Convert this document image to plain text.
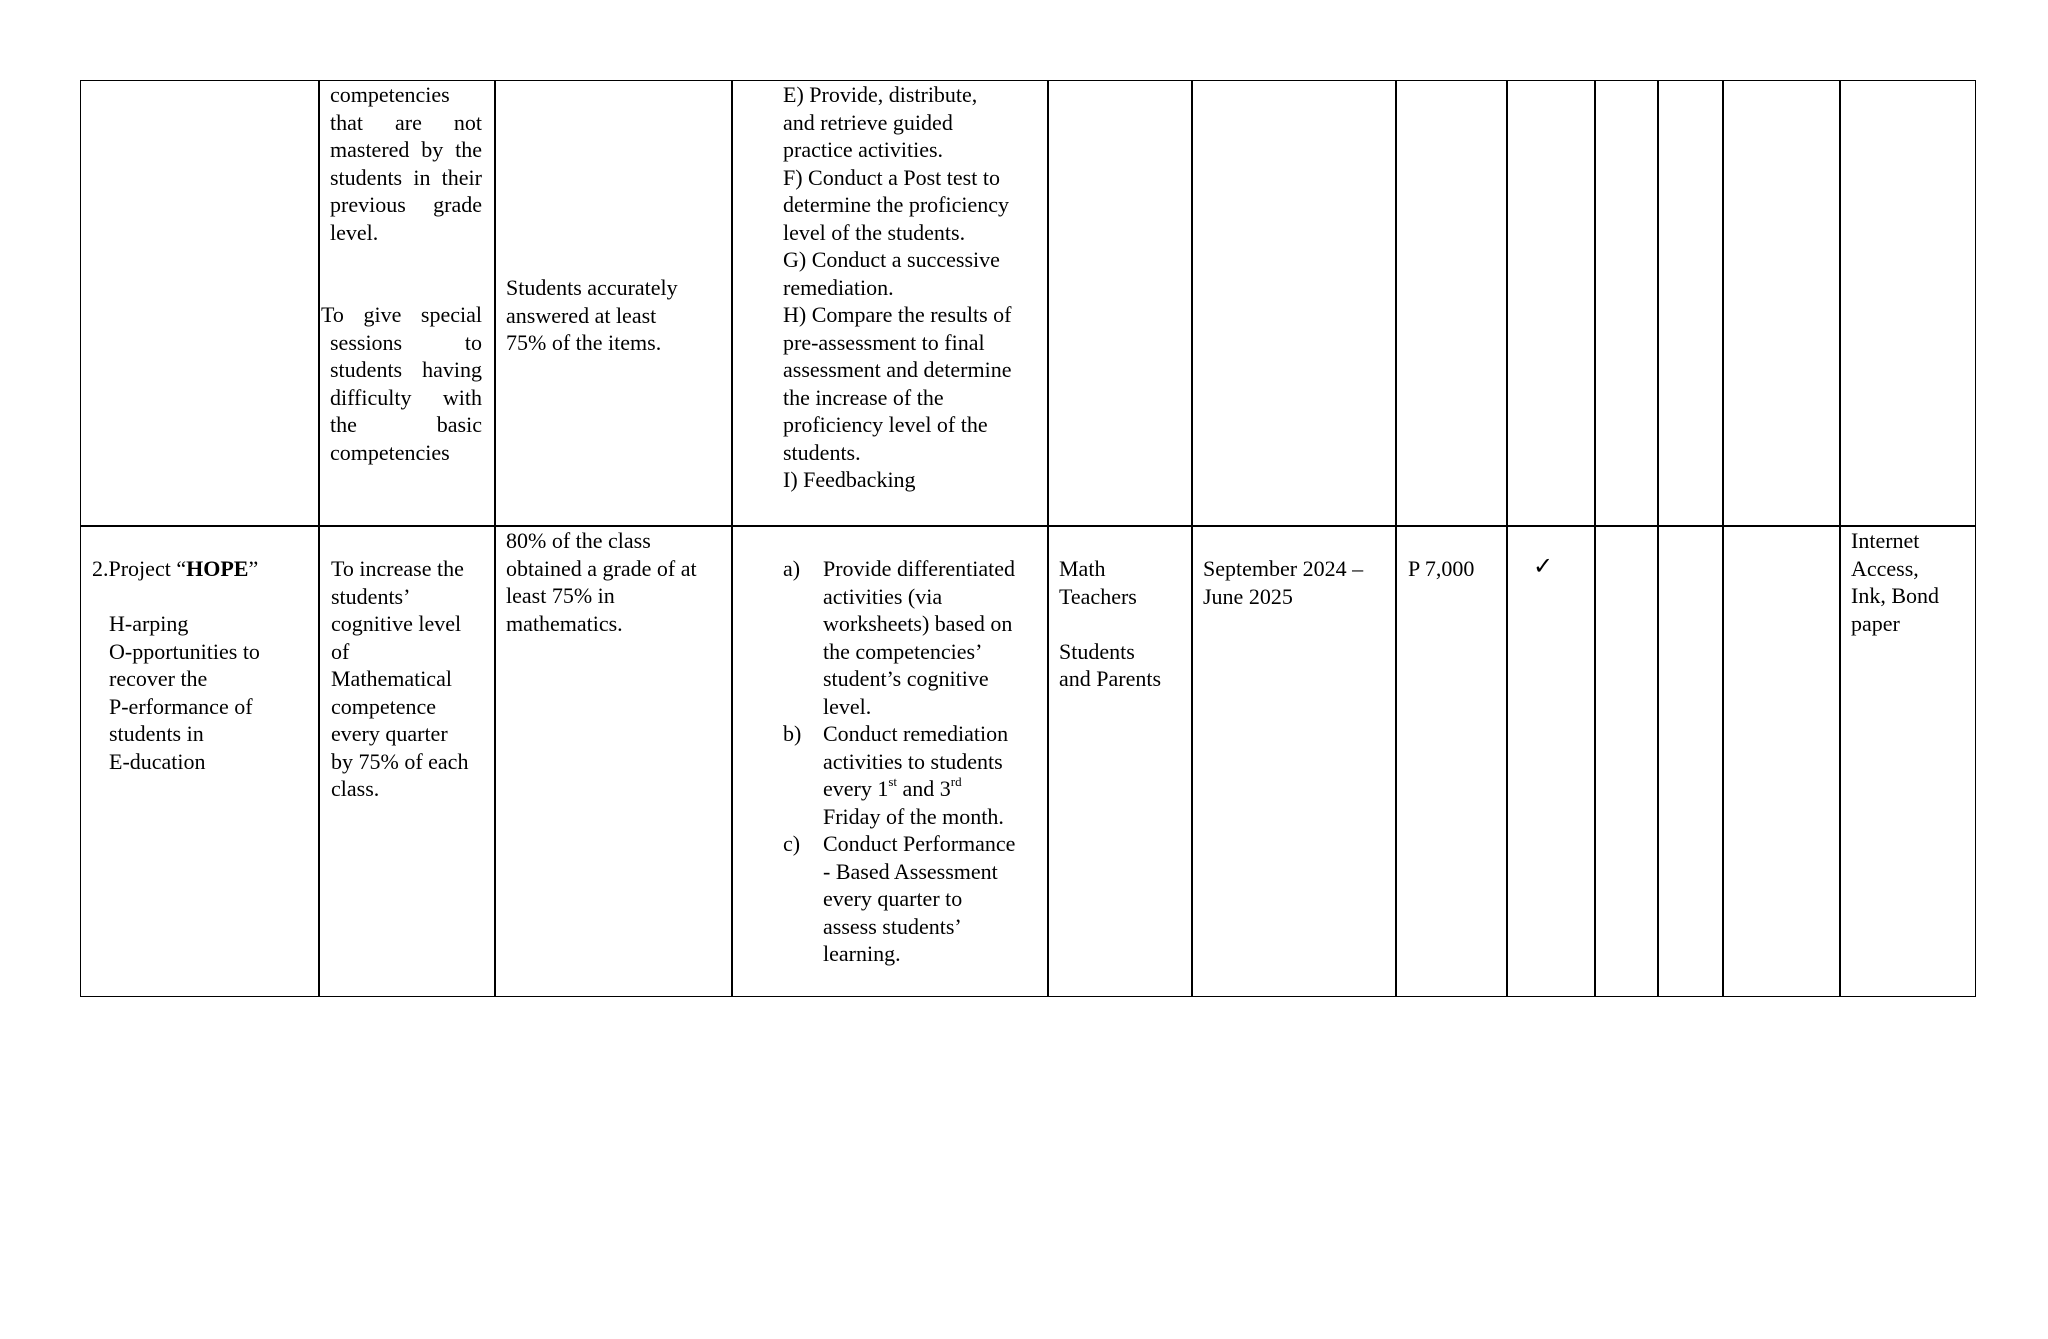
competencies
that are not
mastered by the
students in their
previous grade
level.
To give special
sessions to
students having
difficulty with
the basic
competencies
Students accurately
answered at least
75% of the items.
E) Provide, distribute,
and retrieve guided
practice activities.
F) Conduct a Post test to
determine the proficiency
level of the students.
G) Conduct a successive
remediation.
H) Compare the results of
pre-assessment to final
assessment and determine
the increase of the
proficiency level of the
students.
I) Feedbacking
2.Project “HOPE”
H-arping
O-pportunities to
recover the
P-erformance of
students in
E-ducation
To increase the
students’
cognitive level
of
Mathematical
competence
every quarter
by 75% of each
class.
80% of the class
obtained a grade of at
least 75% in
mathematics.
a) Provide differentiated
activities (via
worksheets) based on
the competencies’
student’s cognitive
level.
b) Conduct remediation
activities to students
every 1st and 3rd
Friday of the month.
c) Conduct Performance
- Based Assessment
every quarter to
assess students’
learning.
Math
Teachers
Students
and Parents
September 2024 –
June 2025
P 7,000	✓
Internet
Access,
Ink, Bond
paper
